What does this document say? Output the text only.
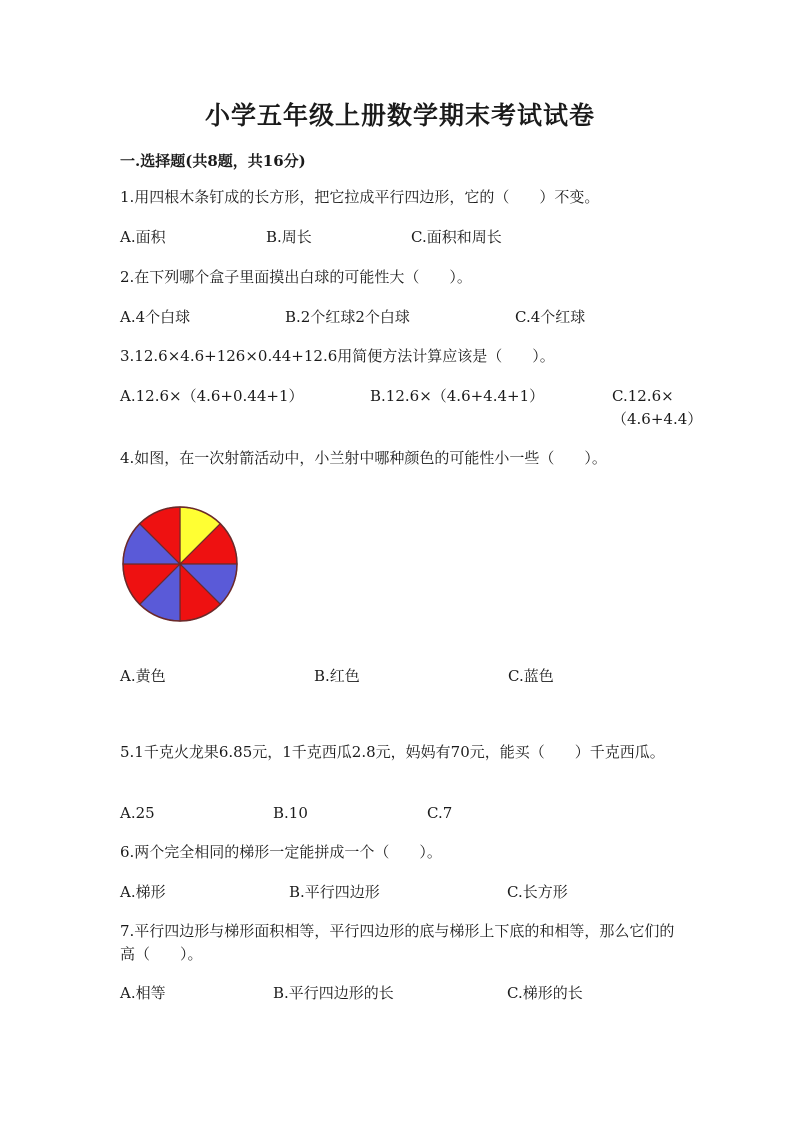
小学五年级上册数学期末考试试卷
一.选择题(共8题，共16分)
1.用四根木条钉成的长方形，把它拉成平行四边形，它的（　　）不变。
A.面积	B.周长	C.面积和周长
2.在下列哪个盒子里面摸出白球的可能性大（　　）。
A.4个白球	B.2个红球2个白球	C.4个红球
3.12.6×4.6+126×0.44+12.6用简便方法计算应该是（　　）。
A.12.6×（4.6+0.44+1）	B.12.6×（4.6+4.4+1）	C.12.6×（4.6+4.4）
4.如图，在一次射箭活动中，小兰射中哪种颜色的可能性小一些（　　）。
A.黄色	B.红色	C.蓝色
5.1千克火龙果6.85元，1千克西瓜2.8元，妈妈有70元，能买（　　）千克西瓜。
A.25	B.10	C.7
6.两个完全相同的梯形一定能拼成一个（　　）。
A.梯形	B.平行四边形	C.长方形
7.平行四边形与梯形面积相等，平行四边形的底与梯形上下底的和相等，那么它们的高（　　）。
A.相等	B.平行四边形的长	C.梯形的长
